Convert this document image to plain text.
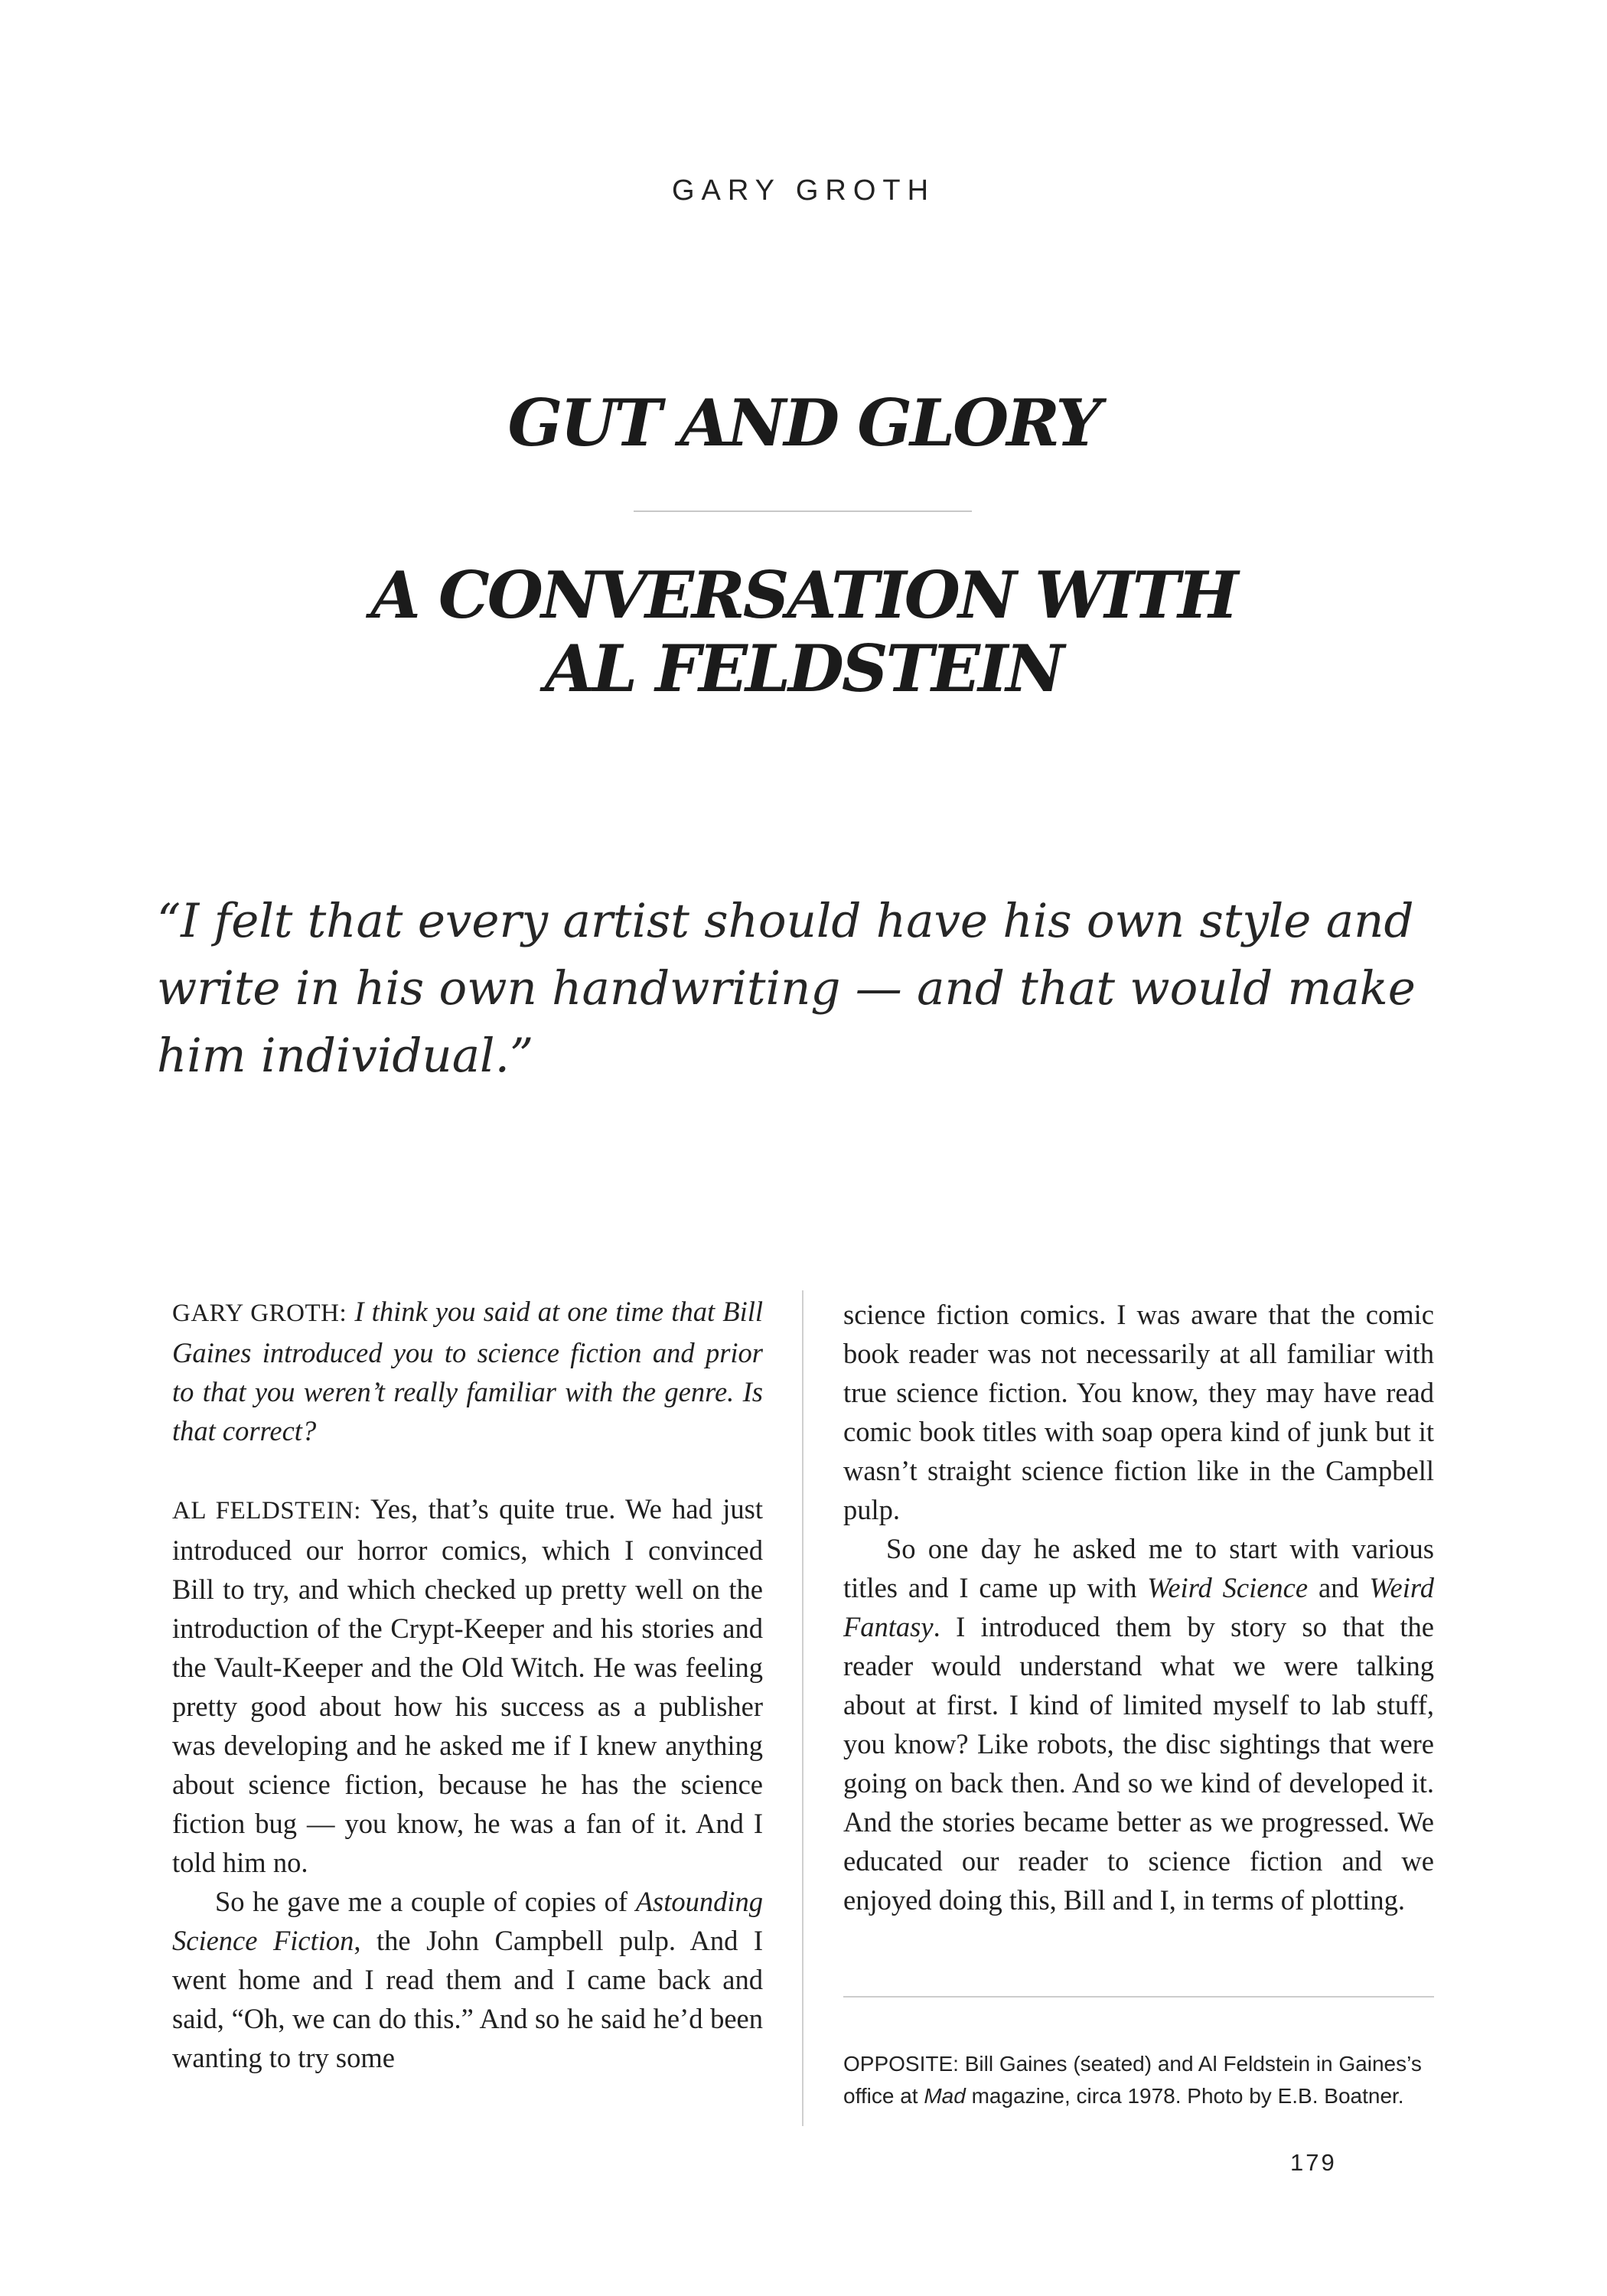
GARY GROTH
GUT AND GLORY
A CONVERSATION WITH
AL FELDSTEIN

“I felt that every artist should have his own style and write in his own handwriting — and that would make him individual.”

GARY GROTH: I think you said at one time that Bill Gaines introduced you to science fiction and prior to that you weren’t really familiar with the genre. Is that correct?

AL FELDSTEIN: Yes, that’s quite true. We had just introduced our horror comics, which I convinced Bill to try, and which checked up pretty well on the introduction of the Crypt-Keeper and his stories and the Vault-Keeper and the Old Witch. He was feeling pretty good about how his success as a publisher was developing and he asked me if I knew anything about science fiction, because he has the science fiction bug — you know, he was a fan of it. And I told him no.

So he gave me a couple of copies of Astounding Science Fiction, the John Campbell pulp. And I went home and I read them and I came back and said, “Oh, we can do this.” And so he said he’d been wanting to try some

science fiction comics. I was aware that the comic book reader was not necessarily at all familiar with true science fiction. You know, they may have read comic book titles with soap opera kind of junk but it wasn’t straight science fiction like in the Campbell pulp.

So one day he asked me to start with various titles and I came up with Weird Science and Weird Fantasy. I introduced them by story so that the reader would understand what we were talking about at first. I kind of limited myself to lab stuff, you know? Like robots, the disc sightings that were going on back then. And so we kind of developed it. And the stories became better as we progressed. We educated our reader to science fiction and we enjoyed doing this, Bill and I, in terms of plotting.

OPPOSITE: Bill Gaines (seated) and Al Feldstein in Gaines’s office at Mad magazine, circa 1978. Photo by E.B. Boatner.

179
